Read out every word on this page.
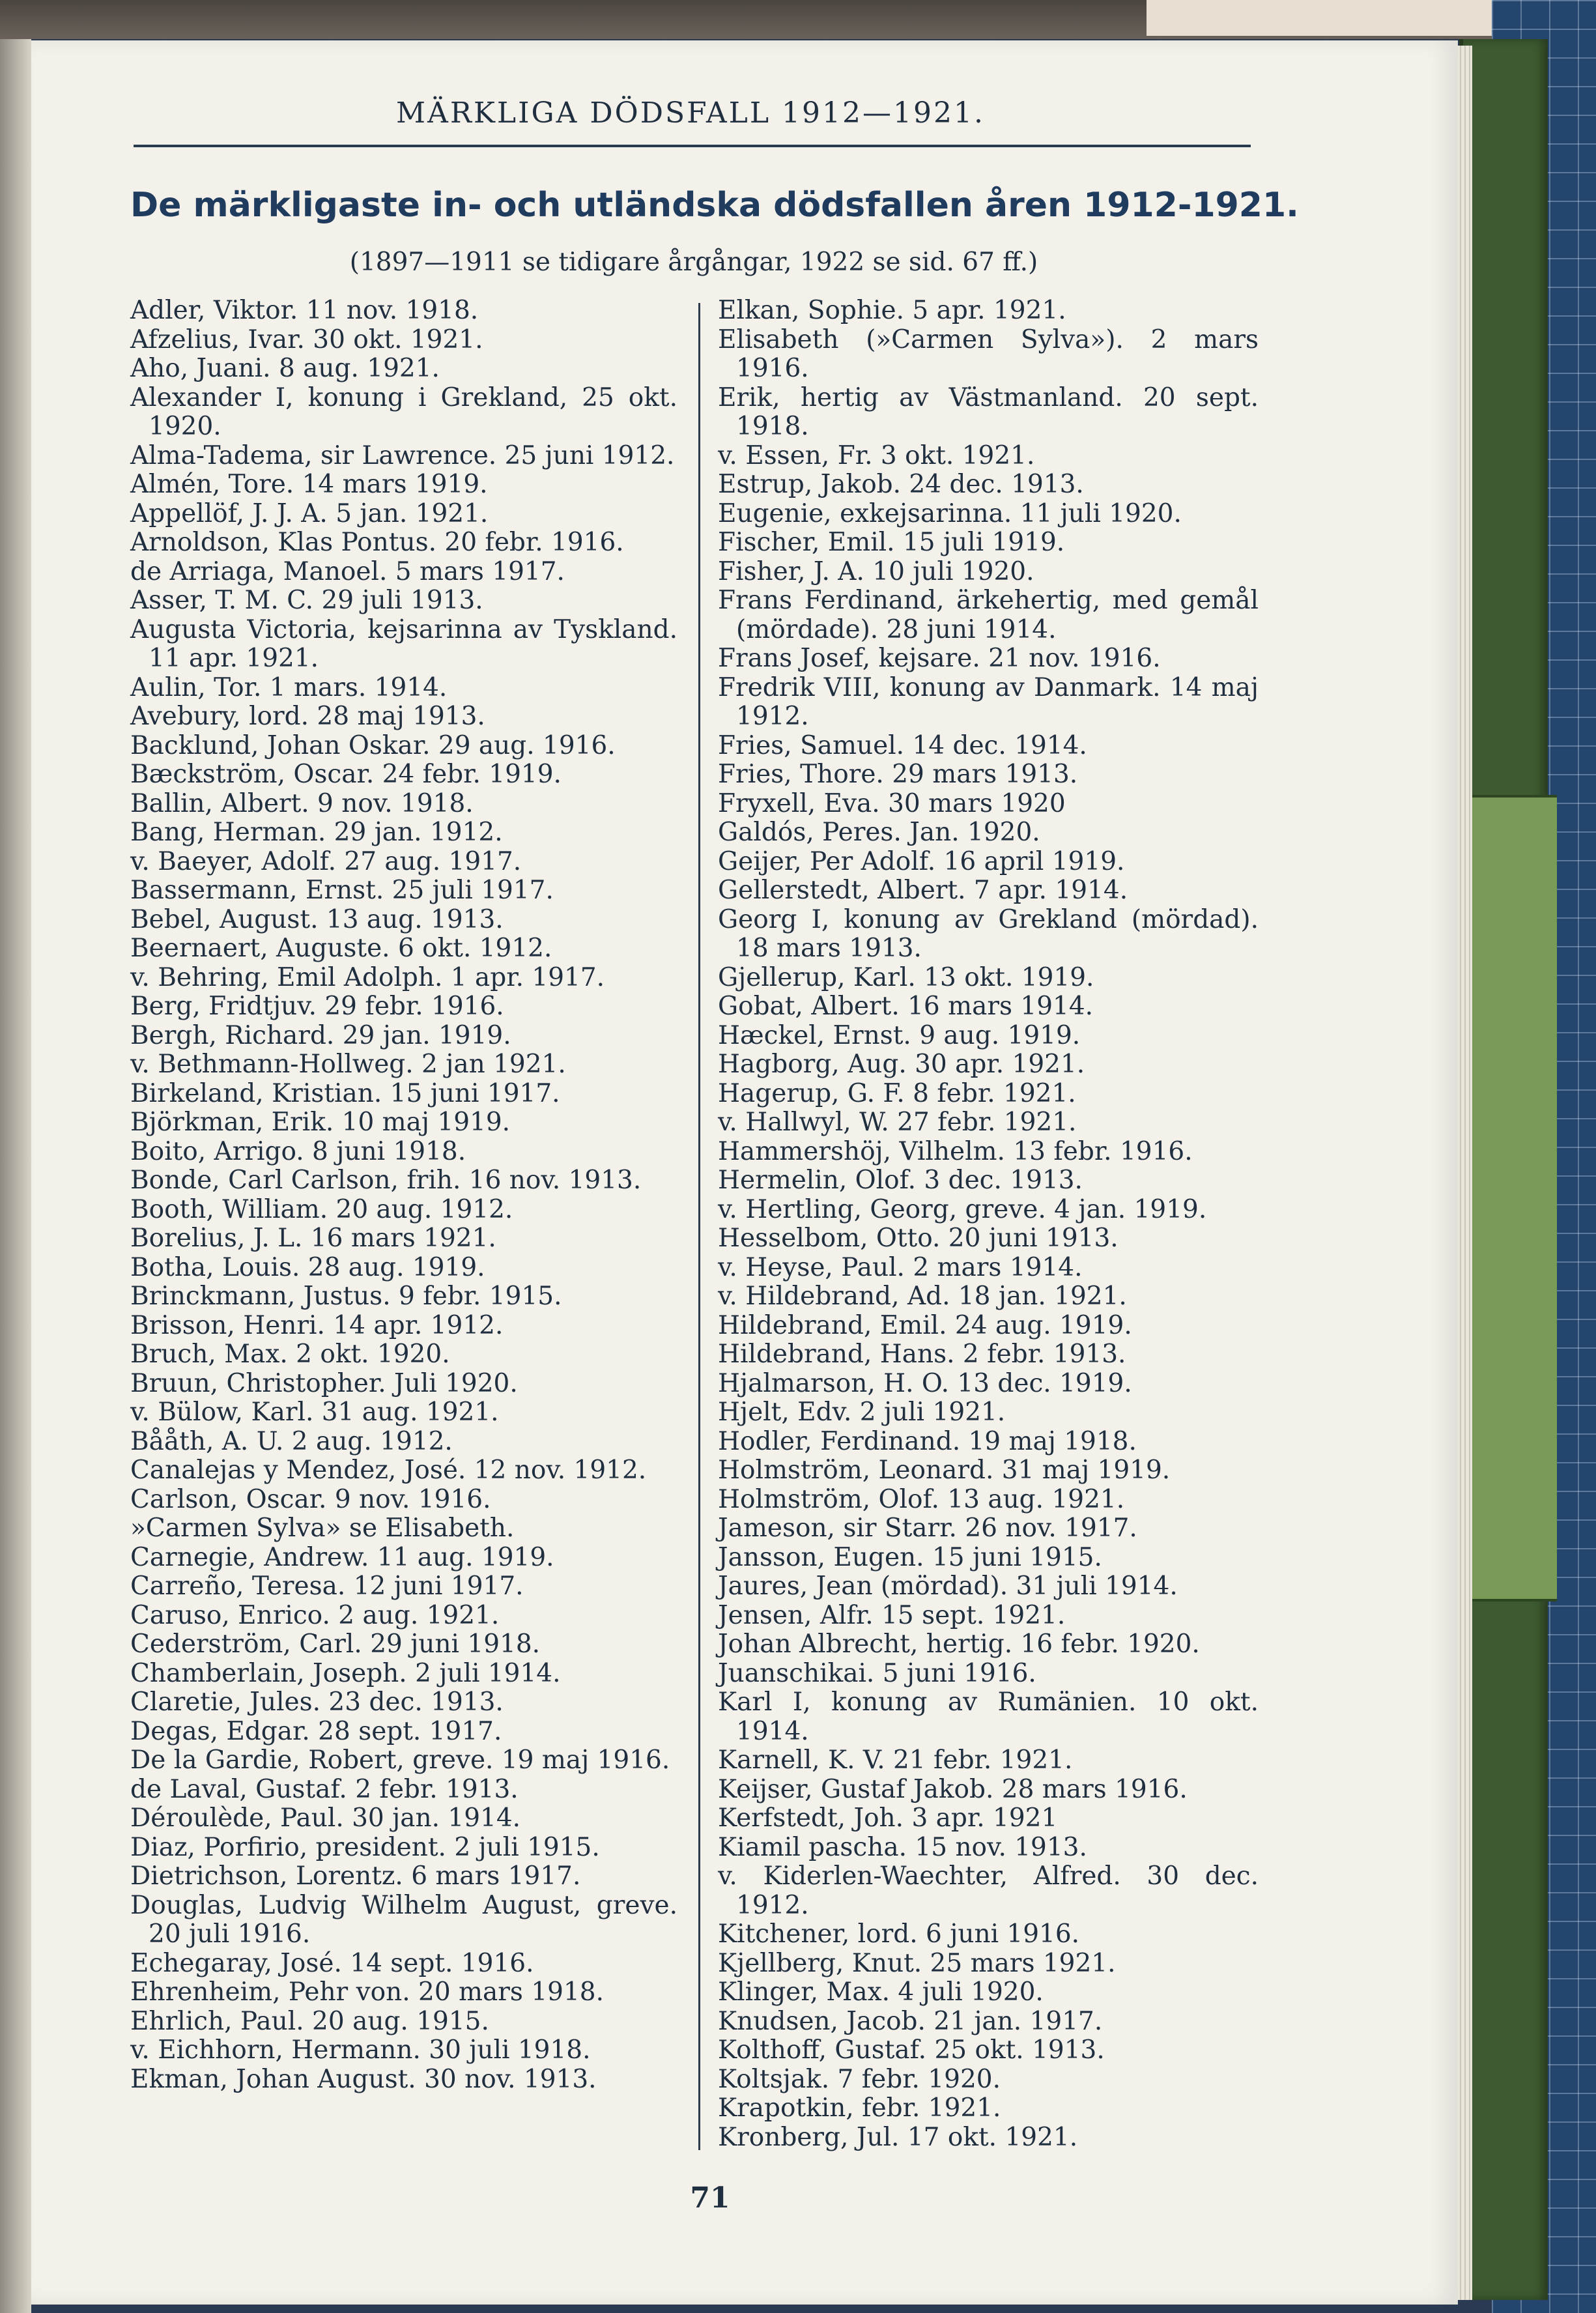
MÄRKLIGA DÖDSFALL 1912—1921.
De märkligaste in- och utländska dödsfallen åren 1912-1921.
(1897—1911 se tidigare årgångar, 1922 se sid. 67 ff.)
Adler, Viktor. 11 nov. 1918.
Afzelius, Ivar. 30 okt. 1921.
Aho, Juani. 8 aug. 1921.
Alexander I, konung i Grekland, 25 okt. 1920.
Alma-Tadema, sir Lawrence. 25 juni 1912.
Almén, Tore. 14 mars 1919.
Appellöf, J. J. A. 5 jan. 1921.
Arnoldson, Klas Pontus. 20 febr. 1916.
de Arriaga, Manoel. 5 mars 1917.
Asser, T. M. C. 29 juli 1913.
Augusta Victoria, kejsarinna av Tyskland. 11 apr. 1921.
Aulin, Tor. 1 mars. 1914.
Avebury, lord. 28 maj 1913.
Backlund, Johan Oskar. 29 aug. 1916.
Bæckström, Oscar. 24 febr. 1919.
Ballin, Albert. 9 nov. 1918.
Bang, Herman. 29 jan. 1912.
v. Baeyer, Adolf. 27 aug. 1917.
Bassermann, Ernst. 25 juli 1917.
Bebel, August. 13 aug. 1913.
Beernaert, Auguste. 6 okt. 1912.
v. Behring, Emil Adolph. 1 apr. 1917.
Berg, Fridtjuv. 29 febr. 1916.
Bergh, Richard. 29 jan. 1919.
v. Bethmann-Hollweg. 2 jan 1921.
Birkeland, Kristian. 15 juni 1917.
Björkman, Erik. 10 maj 1919.
Boito, Arrigo. 8 juni 1918.
Bonde, Carl Carlson, frih. 16 nov. 1913.
Booth, William. 20 aug. 1912.
Borelius, J. L. 16 mars 1921.
Botha, Louis. 28 aug. 1919.
Brinckmann, Justus. 9 febr. 1915.
Brisson, Henri. 14 apr. 1912.
Bruch, Max. 2 okt. 1920.
Bruun, Christopher. Juli 1920.
v. Bülow, Karl. 31 aug. 1921.
Bååth, A. U. 2 aug. 1912.
Canalejas y Mendez, José. 12 nov. 1912.
Carlson, Oscar. 9 nov. 1916.
»Carmen Sylva» se Elisabeth.
Carnegie, Andrew. 11 aug. 1919.
Carreño, Teresa. 12 juni 1917.
Caruso, Enrico. 2 aug. 1921.
Cederström, Carl. 29 juni 1918.
Chamberlain, Joseph. 2 juli 1914.
Claretie, Jules. 23 dec. 1913.
Degas, Edgar. 28 sept. 1917.
De la Gardie, Robert, greve. 19 maj 1916.
de Laval, Gustaf. 2 febr. 1913.
Déroulède, Paul. 30 jan. 1914.
Diaz, Porfirio, president. 2 juli 1915.
Dietrichson, Lorentz. 6 mars 1917.
Douglas, Ludvig Wilhelm August, greve. 20 juli 1916.
Echegaray, José. 14 sept. 1916.
Ehrenheim, Pehr von. 20 mars 1918.
Ehrlich, Paul. 20 aug. 1915.
v. Eichhorn, Hermann. 30 juli 1918.
Ekman, Johan August. 30 nov. 1913.
Elkan, Sophie. 5 apr. 1921.
Elisabeth (»Carmen Sylva»). 2 mars 1916.
Erik, hertig av Västmanland. 20 sept. 1918.
v. Essen, Fr. 3 okt. 1921.
Estrup, Jakob. 24 dec. 1913.
Eugenie, exkejsarinna. 11 juli 1920.
Fischer, Emil. 15 juli 1919.
Fisher, J. A. 10 juli 1920.
Frans Ferdinand, ärkehertig, med gemål (mördade). 28 juni 1914.
Frans Josef, kejsare. 21 nov. 1916.
Fredrik VIII, konung av Danmark. 14 maj 1912.
Fries, Samuel. 14 dec. 1914.
Fries, Thore. 29 mars 1913.
Fryxell, Eva. 30 mars 1920
Galdós, Peres. Jan. 1920.
Geijer, Per Adolf. 16 april 1919.
Gellerstedt, Albert. 7 apr. 1914.
Georg I, konung av Grekland (mördad). 18 mars 1913.
Gjellerup, Karl. 13 okt. 1919.
Gobat, Albert. 16 mars 1914.
Hæckel, Ernst. 9 aug. 1919.
Hagborg, Aug. 30 apr. 1921.
Hagerup, G. F. 8 febr. 1921.
v. Hallwyl, W. 27 febr. 1921.
Hammershöj, Vilhelm. 13 febr. 1916.
Hermelin, Olof. 3 dec. 1913.
v. Hertling, Georg, greve. 4 jan. 1919.
Hesselbom, Otto. 20 juni 1913.
v. Heyse, Paul. 2 mars 1914.
v. Hildebrand, Ad. 18 jan. 1921.
Hildebrand, Emil. 24 aug. 1919.
Hildebrand, Hans. 2 febr. 1913.
Hjalmarson, H. O. 13 dec. 1919.
Hjelt, Edv. 2 juli 1921.
Hodler, Ferdinand. 19 maj 1918.
Holmström, Leonard. 31 maj 1919.
Holmström, Olof. 13 aug. 1921.
Jameson, sir Starr. 26 nov. 1917.
Jansson, Eugen. 15 juni 1915.
Jaures, Jean (mördad). 31 juli 1914.
Jensen, Alfr. 15 sept. 1921.
Johan Albrecht, hertig. 16 febr. 1920.
Juanschikai. 5 juni 1916.
Karl I, konung av Rumänien. 10 okt. 1914.
Karnell, K. V. 21 febr. 1921.
Keijser, Gustaf Jakob. 28 mars 1916.
Kerfstedt, Joh. 3 apr. 1921
Kiamil pascha. 15 nov. 1913.
v. Kiderlen-Waechter, Alfred. 30 dec. 1912.
Kitchener, lord. 6 juni 1916.
Kjellberg, Knut. 25 mars 1921.
Klinger, Max. 4 juli 1920.
Knudsen, Jacob. 21 jan. 1917.
Kolthoff, Gustaf. 25 okt. 1913.
Koltsjak. 7 febr. 1920.
Krapotkin, febr. 1921.
Kronberg, Jul. 17 okt. 1921.
71
